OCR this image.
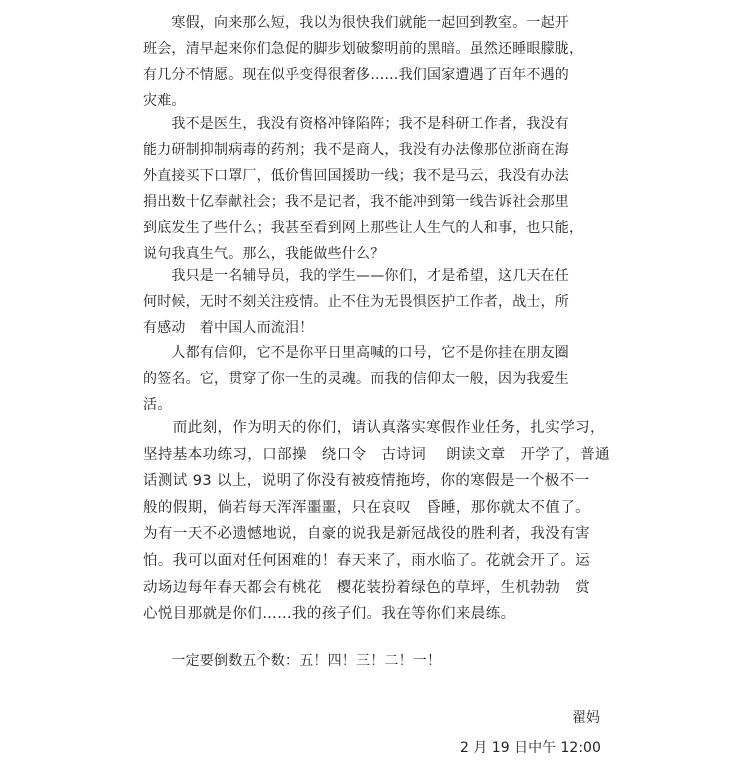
　　寒假，向来那么短，我以为很快我们就能一起回到教室。一起开
班会，清早起来你们急促的脚步划破黎明前的黑暗。虽然还睡眼朦胧，
有几分不情愿。现在似乎变得很奢侈……我们国家遭遇了百年不遇的
灾难。
　　我不是医生，我没有资格冲锋陷阵；我不是科研工作者，我没有
能力研制抑制病毒的药剂；我不是商人，我没有办法像那位浙商在海
外直接买下口罩厂，低价售回国援助一线；我不是马云，我没有办法
捐出数十亿奉献社会；我不是记者，我不能冲到第一线告诉社会那里
到底发生了些什么；我甚至看到网上那些让人生气的人和事，也只能，
说句我真生气。那么，我能做些什么？
　　我只是一名辅导员，我的学生——你们，才是希望，这几天在任
何时候，无时不刻关注疫情。止不住为无畏惧医护工作者，战士，所
有感动　着中国人而流泪！
　　人都有信仰，它不是你平日里高喊的口号，它不是你挂在朋友圈
的签名。它，贯穿了你一生的灵魂。而我的信仰太一般，因为我爱生
活。
　　而此刻，作为明天的你们，请认真落实寒假作业任务，扎实学习，
坚持基本功练习，口部操　绕口令　古诗词　 朗读文章　开学了，普通
话测试 93 以上，说明了你没有被疫情拖垮，你的寒假是一个极不一
般的假期，倘若每天浑浑噩噩，只在哀叹　昏睡，那你就太不值了。
为有一天不必遗憾地说，自豪的说我是新冠战役的胜利者，我没有害
怕。我可以面对任何困难的！春天来了，雨水临了。花就会开了。运
动场边每年春天都会有桃花　樱花装扮着绿色的草坪，生机勃勃　赏
心悦目那就是你们……我的孩子们。我在等你们来晨练。
　　一定要倒数五个数：五！四！三！二！一！
翟妈
2 月 19 日中午 12:00
